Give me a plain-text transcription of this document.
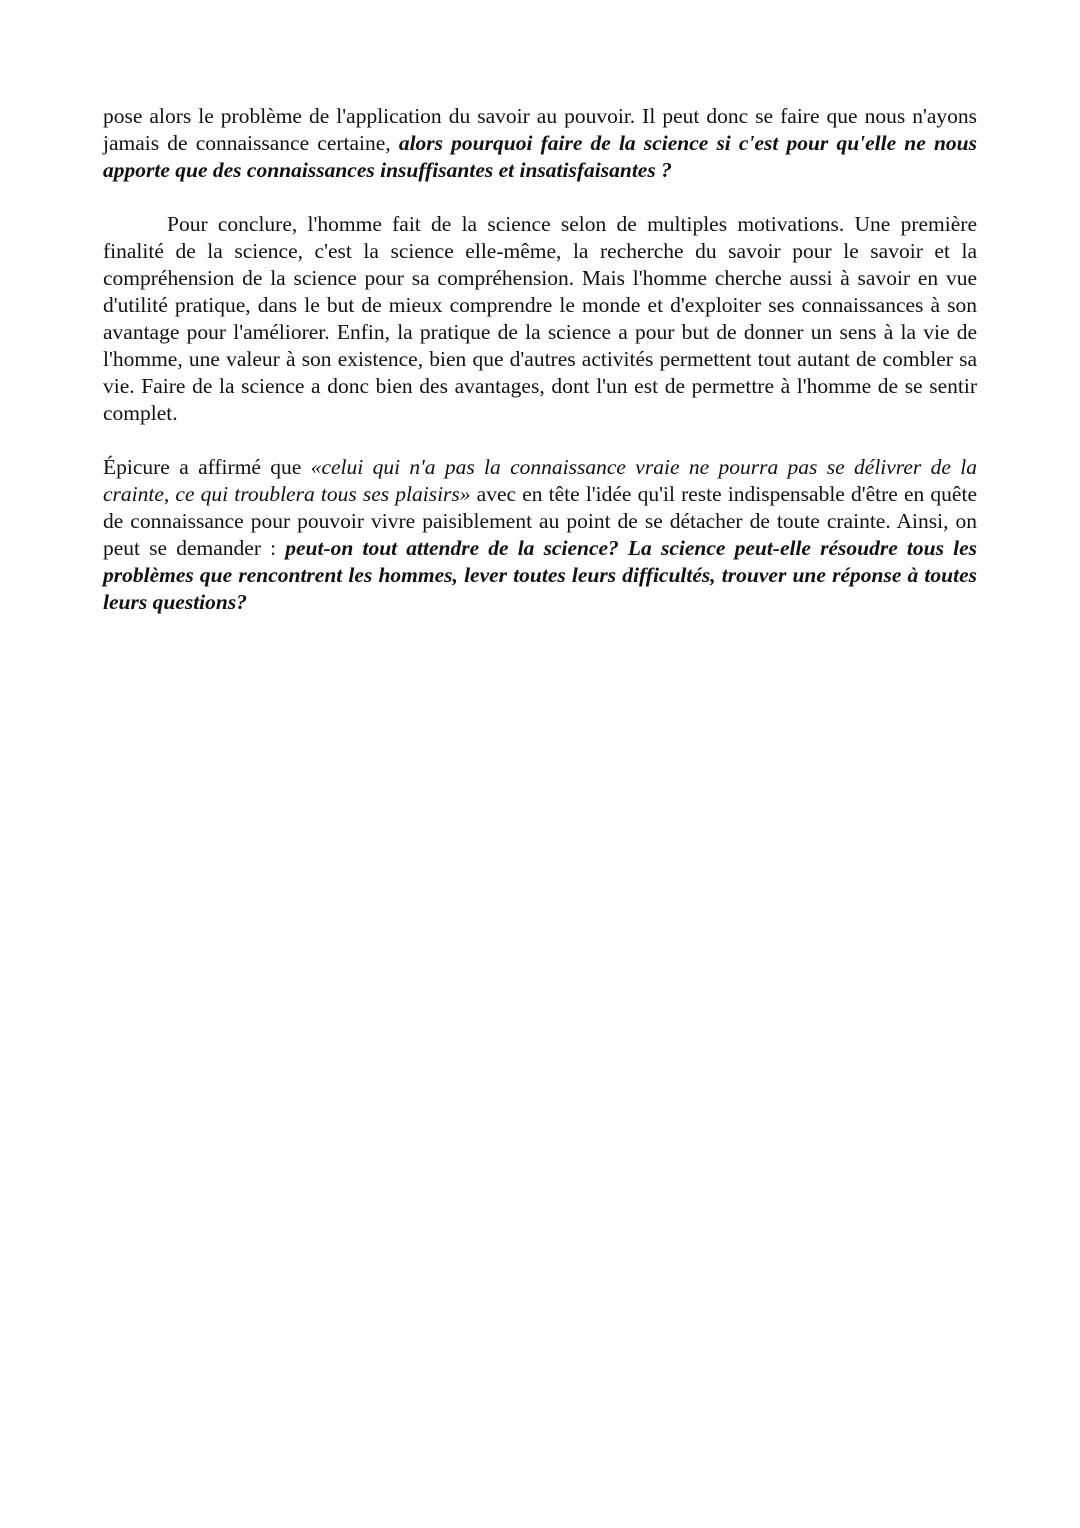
pose alors le problème de l'application du savoir au pouvoir. Il peut donc se faire que nous n'ayons jamais de connaissance certaine, alors pourquoi faire de la science si c'est pour qu'elle ne nous apporte que des connaissances insuffisantes et insatisfaisantes ?

Pour conclure, l'homme fait de la science selon de multiples motivations. Une première finalité de la science, c'est la science elle-même, la recherche du savoir pour le savoir et la compréhension de la science pour sa compréhension. Mais l'homme cherche aussi à savoir en vue d'utilité pratique, dans le but de mieux comprendre le monde et d'exploiter ses connaissances à son avantage pour l'améliorer. Enfin, la pratique de la science a pour but de donner un sens à la vie de l'homme, une valeur à son existence, bien que d'autres activités permettent tout autant de combler sa vie. Faire de la science a donc bien des avantages, dont l'un est de permettre à l'homme de se sentir complet.

Épicure a affirmé que «celui qui n'a pas la connaissance vraie ne pourra pas se délivrer de la crainte, ce qui troublera tous ses plaisirs» avec en tête l'idée qu'il reste indispensable d'être en quête de connaissance pour pouvoir vivre paisiblement au point de se détacher de toute crainte. Ainsi, on peut se demander : peut-on tout attendre de la science? La science peut-elle résoudre tous les problèmes que rencontrent les hommes, lever toutes leurs difficultés, trouver une réponse à toutes leurs questions?
